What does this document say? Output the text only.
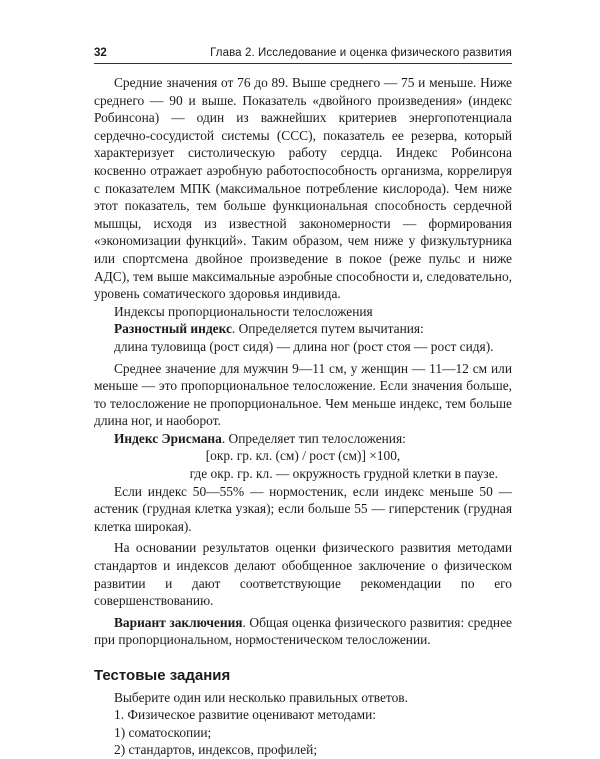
32	Глава 2. Исследование и оценка физического развития

Средние значения от 76 до 89. Выше среднего — 75 и меньше. Ниже среднего — 90 и выше. Показатель «двойного произведения» (индекс Робинсона) — один из важнейших критериев энергопотенциала сердечно-сосудистой системы (ССС), показатель ее резерва, который характеризует систолическую работу сердца. Индекс Робинсона косвенно отражает аэробную работоспособность организма, коррелируя с показателем МПК (максимальное потребление кислорода). Чем ниже этот показатель, тем больше функциональная способность сердечной мышцы, исходя из известной закономерности — формирования «экономизации функций». Таким образом, чем ниже у физкультурника или спортсмена двойное произведение в покое (реже пульс и ниже АДС), тем выше максимальные аэробные способности и, следовательно, уровень соматического здоровья индивида.

Индексы пропорциональности телосложения

Разностный индекс. Определяется путем вычитания:

длина туловища (рост сидя) — длина ног (рост стоя — рост сидя).

Среднее значение для мужчин 9—11 см, у женщин — 11—12 см или меньше — это пропорциональное телосложение. Если значения больше, то телосложение не пропорциональное. Чем меньше индекс, тем больше длина ног, и наоборот.

Индекс Эрисмана. Определяет тип телосложения:

[окр. гр. кл. (см) / рост (см)] ×100,

где окр. гр. кл. — окружность грудной клетки в паузе.

Если индекс 50—55% — нормостеник, если индекс меньше 50 — астеник (грудная клетка узкая); если больше 55 — гиперстеник (грудная клетка широкая).

На основании результатов оценки физического развития методами стандартов и индексов делают обобщенное заключение о физическом развитии и дают соответствующие рекомендации по его совершенствованию.

Вариант заключения. Общая оценка физического развития: среднее при пропорциональном, нормостеническом телосложении.

Тестовые задания

Выберите один или несколько правильных ответов.

1. Физическое развитие оценивают методами:

1) соматоскопии;

2) стандартов, индексов, профилей;
